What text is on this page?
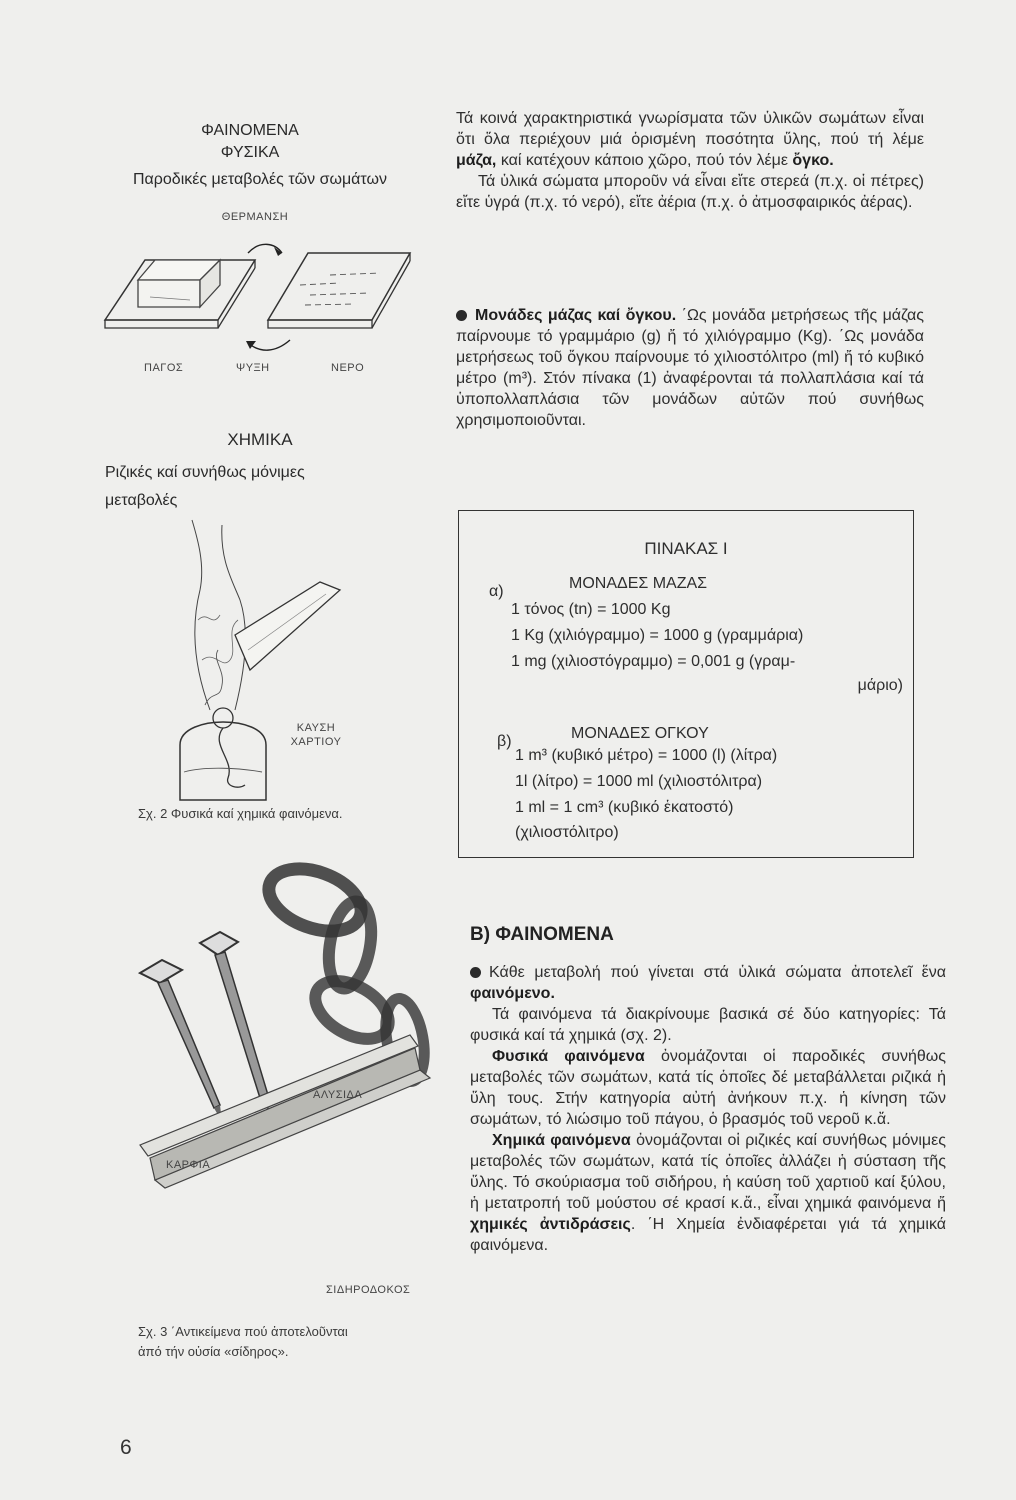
ΦΑΙΝΟΜΕΝΑ
ΦΥΣΙΚΑ
Παροδικές μεταβολές τῶν σωμάτων
ΘΕΡΜΑΝΣΗ
ΠΑΓΟΣ	ΨΥΞΗ	ΝΕΡΟ
ΧΗΜΙΚΑ
Ριζικές καί συνήθως μόνιμες
μεταβολές
ΚΑΥΣΗ
ΧΑΡΤΙΟΥ
Σχ. 2 Φυσικά καί χημικά φαινόμενα.
ΑΛΥΣΙΔΑ
ΚΑΡΦΙΑ
ΣΙΔΗΡΟΔΟΚΟΣ
Σχ. 3 ΄Αντικείμενα πού ἀποτελοῦνται
ἀπό τήν οὐσία «σίδηρος».
6

Τά κοινά χαρακτηριστικά γνωρίσματα τῶν ὑλικῶν σωμάτων εἶναι ὅτι ὅλα περιέχουν μιά ὁρισμένη ποσότητα ὕλης, πού τή λέμε μάζα, καί κατέχουν κάποιο χῶρο, πού τόν λέμε ὄγκο.

Τά ὑλικά σώματα μποροῦν νά εἶναι εἴτε στερεά (π.χ. οἱ πέτρες) εἴτε ὑγρά (π.χ. τό νερό), εἴτε ἀέρια (π.χ. ὁ ἀτμοσφαιρικός ἀέρας).

Μονάδες μάζας καί ὄγκου. ΄Ως μονάδα μετρήσεως τῆς μάζας παίρνουμε τό γραμμάριο (g) ἤ τό χιλιόγραμμο (Kg). ΄Ως μονάδα μετρήσεως τοῦ ὄγκου παίρνουμε τό χιλιοστόλιτρο (ml) ἤ τό κυβικό μέτρο (m³). Στόν πίνακα (1) ἀναφέρονται τά πολλαπλάσια καί τά ὑποπολλαπλάσια τῶν μονάδων αὐτῶν πού συνήθως χρησιμοποιοῦνται.

ΠΙΝΑΚΑΣ Ι
α)	ΜΟΝΑΔΕΣ ΜΑΖΑΣ
1 τόνος (tn) = 1000 Kg
1 Kg (χιλιόγραμμο) = 1000 g (γραμμάρια)
1 mg (χιλιοστόγραμμο) = 0,001 g (γραμ-
μάριο)
β)	ΜΟΝΑΔΕΣ ΟΓΚΟΥ
1 m³ (κυβικό μέτρο) = 1000 (l) (λίτρα)
1l (λίτρο) = 1000 ml (χιλιοστόλιτρα)
1 ml = 1 cm³ (κυβικό ἑκατοστό)
(χιλιοστόλιτρο)
Β) ΦΑΙΝΟΜΕΝΑ

Κάθε μεταβολή πού γίνεται στά ὑλικά σώματα ἀποτελεῖ ἕνα φαινόμενο.

Τά φαινόμενα τά διακρίνουμε βασικά σέ δύο κατηγορίες: Τά φυσικά καί τά χημικά (σχ. 2).

Φυσικά φαινόμενα ὀνομάζονται οἱ παροδικές συνήθως μεταβολές τῶν σωμάτων, κατά τίς ὁποῖες δέ μεταβάλλεται ριζικά ἡ ὕλη τους. Στήν κατηγορία αὐτή ἀνήκουν π.χ. ἡ κίνηση τῶν σωμάτων, τό λιώσιμο τοῦ πάγου, ὁ βρασμός τοῦ νεροῦ κ.ἄ.

Χημικά φαινόμενα ὀνομάζονται οἱ ριζικές καί συνήθως μόνιμες μεταβολές τῶν σωμάτων, κατά τίς ὁποῖες ἀλλάζει ἡ σύσταση τῆς ὕλης. Τό σκούριασμα τοῦ σιδήρου, ἡ καύση τοῦ χαρτιοῦ καί ξύλου, ἡ μετατροπή τοῦ μούστου σέ κρασί κ.ἄ., εἶναι χημικά φαινόμενα ἤ χημικές ἀντιδράσεις. ΄Η Χημεία ἐνδιαφέρεται γιά τά χημικά φαινόμενα.
